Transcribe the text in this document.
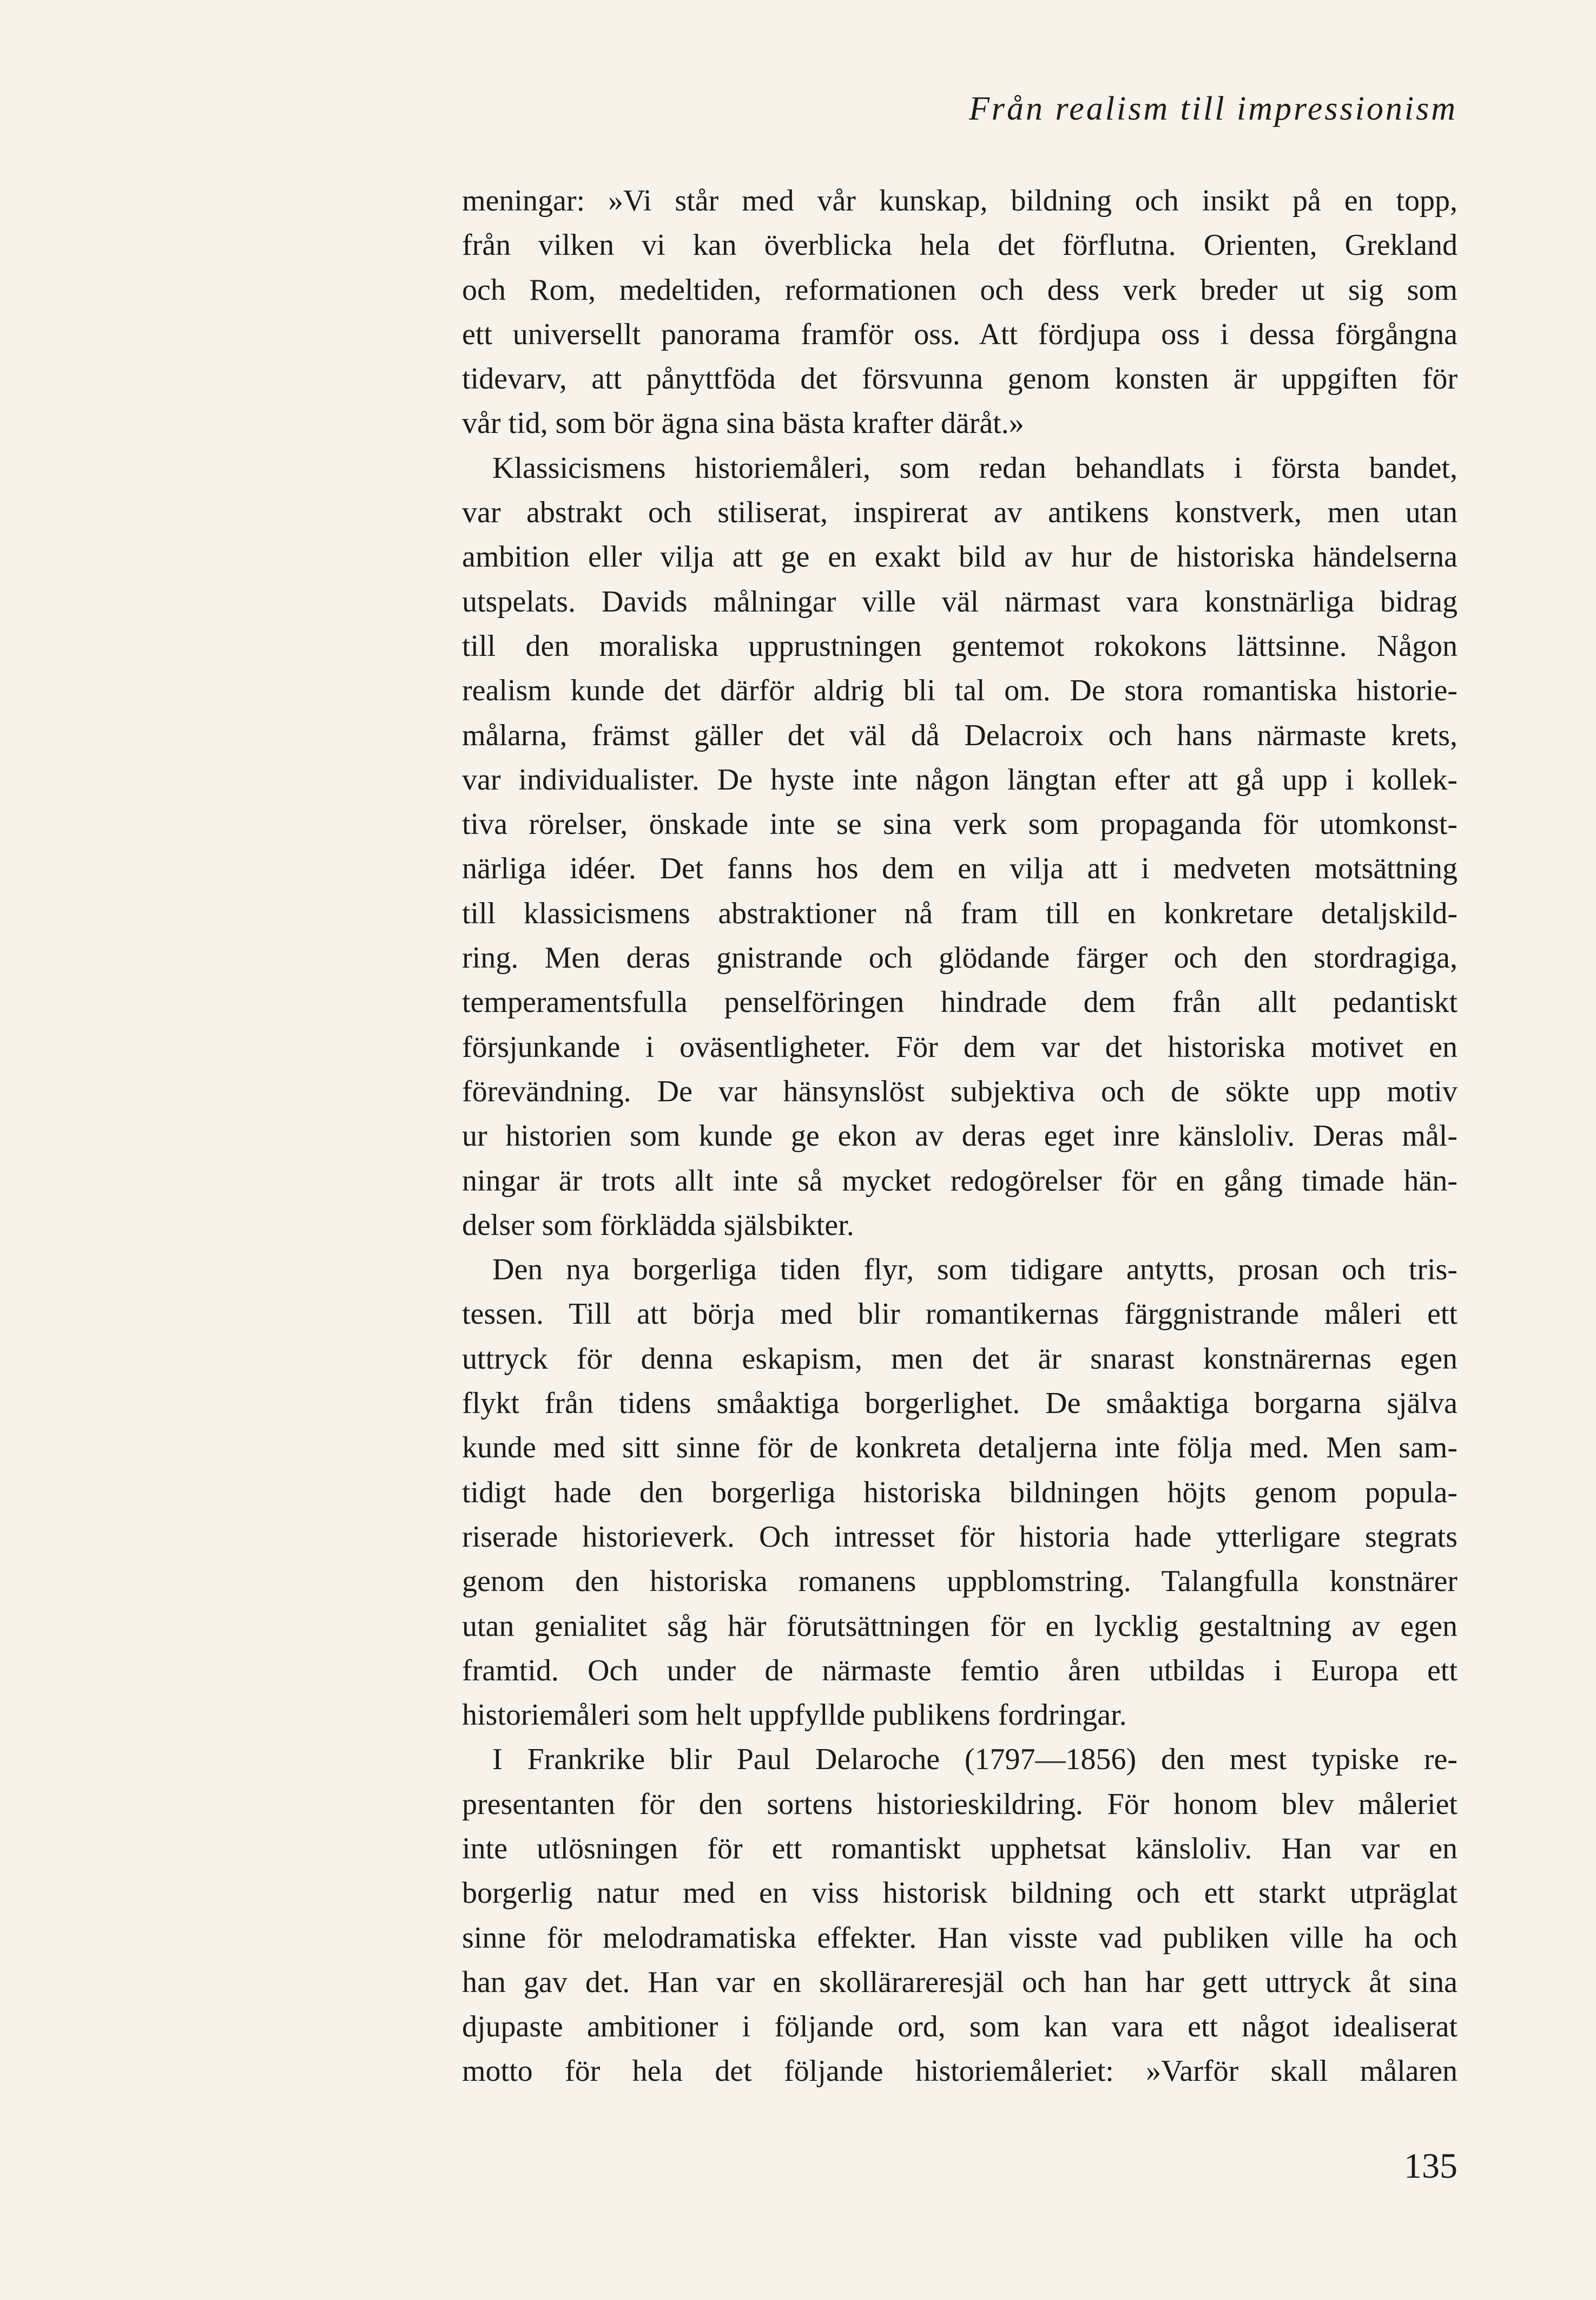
Från realism till impressionism
meningar: »Vi står med vår kunskap, bildning och insikt på en topp,
från vilken vi kan överblicka hela det förflutna. Orienten, Grekland
och Rom, medeltiden, reformationen och dess verk breder ut sig som
ett universellt panorama framför oss. Att fördjupa oss i dessa förgångna
tidevarv, att pånyttföda det försvunna genom konsten är uppgiften för
vår tid, som bör ägna sina bästa krafter däråt.»
Klassicismens historiemåleri, som redan behandlats i första bandet,
var abstrakt och stiliserat, inspirerat av antikens konstverk, men utan
ambition eller vilja att ge en exakt bild av hur de historiska händelserna
utspelats. Davids målningar ville väl närmast vara konstnärliga bidrag
till den moraliska upprustningen gentemot rokokons lättsinne. Någon
realism kunde det därför aldrig bli tal om. De stora romantiska historie-
målarna, främst gäller det väl då Delacroix och hans närmaste krets,
var individualister. De hyste inte någon längtan efter att gå upp i kollek-
tiva rörelser, önskade inte se sina verk som propaganda för utomkonst-
närliga idéer. Det fanns hos dem en vilja att i medveten motsättning
till klassicismens abstraktioner nå fram till en konkretare detaljskild-
ring. Men deras gnistrande och glödande färger och den stordragiga,
temperamentsfulla penselföringen hindrade dem från allt pedantiskt
försjunkande i oväsentligheter. För dem var det historiska motivet en
förevändning. De var hänsynslöst subjektiva och de sökte upp motiv
ur historien som kunde ge ekon av deras eget inre känsloliv. Deras mål-
ningar är trots allt inte så mycket redogörelser för en gång timade hän-
delser som förklädda själsbikter.
Den nya borgerliga tiden flyr, som tidigare antytts, prosan och tris-
tessen. Till att börja med blir romantikernas färggnistrande måleri ett
uttryck för denna eskapism, men det är snarast konstnärernas egen
flykt från tidens småaktiga borgerlighet. De småaktiga borgarna själva
kunde med sitt sinne för de konkreta detaljerna inte följa med. Men sam-
tidigt hade den borgerliga historiska bildningen höjts genom popula-
riserade historieverk. Och intresset för historia hade ytterligare stegrats
genom den historiska romanens uppblomstring. Talangfulla konstnärer
utan genialitet såg här förutsättningen för en lycklig gestaltning av egen
framtid. Och under de närmaste femtio åren utbildas i Europa ett
historiemåleri som helt uppfyllde publikens fordringar.
I Frankrike blir Paul Delaroche (1797—1856) den mest typiske re-
presentanten för den sortens historieskildring. För honom blev måleriet
inte utlösningen för ett romantiskt upphetsat känsloliv. Han var en
borgerlig natur med en viss historisk bildning och ett starkt utpräglat
sinne för melodramatiska effekter. Han visste vad publiken ville ha och
han gav det. Han var en skollärareresjäl och han har gett uttryck åt sina
djupaste ambitioner i följande ord, som kan vara ett något idealiserat
motto för hela det följande historiemåleriet: »Varför skall målaren
135
